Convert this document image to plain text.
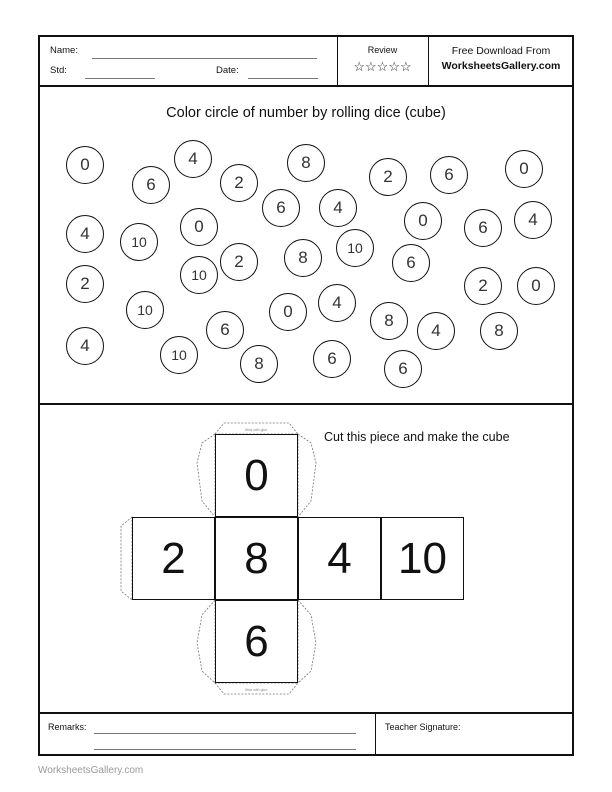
Name:
Std:	Date:
Review
☆☆☆☆☆
Free Download From
WorksheetsGallery.com
Color circle of number by rolling dice (cube)
0	4	8
6	2	2	6	0
4
6
0
4	10
0	6	4
10
8
2
10
2
6
2	0
10
6
0	4
8
4	8
4	10	8	6
6
Cut this piece and make the cube
Stick with glue
Stick with glue
0
2	8	4	10
6
Remarks:	Teacher Signature:
WorksheetsGallery.com
